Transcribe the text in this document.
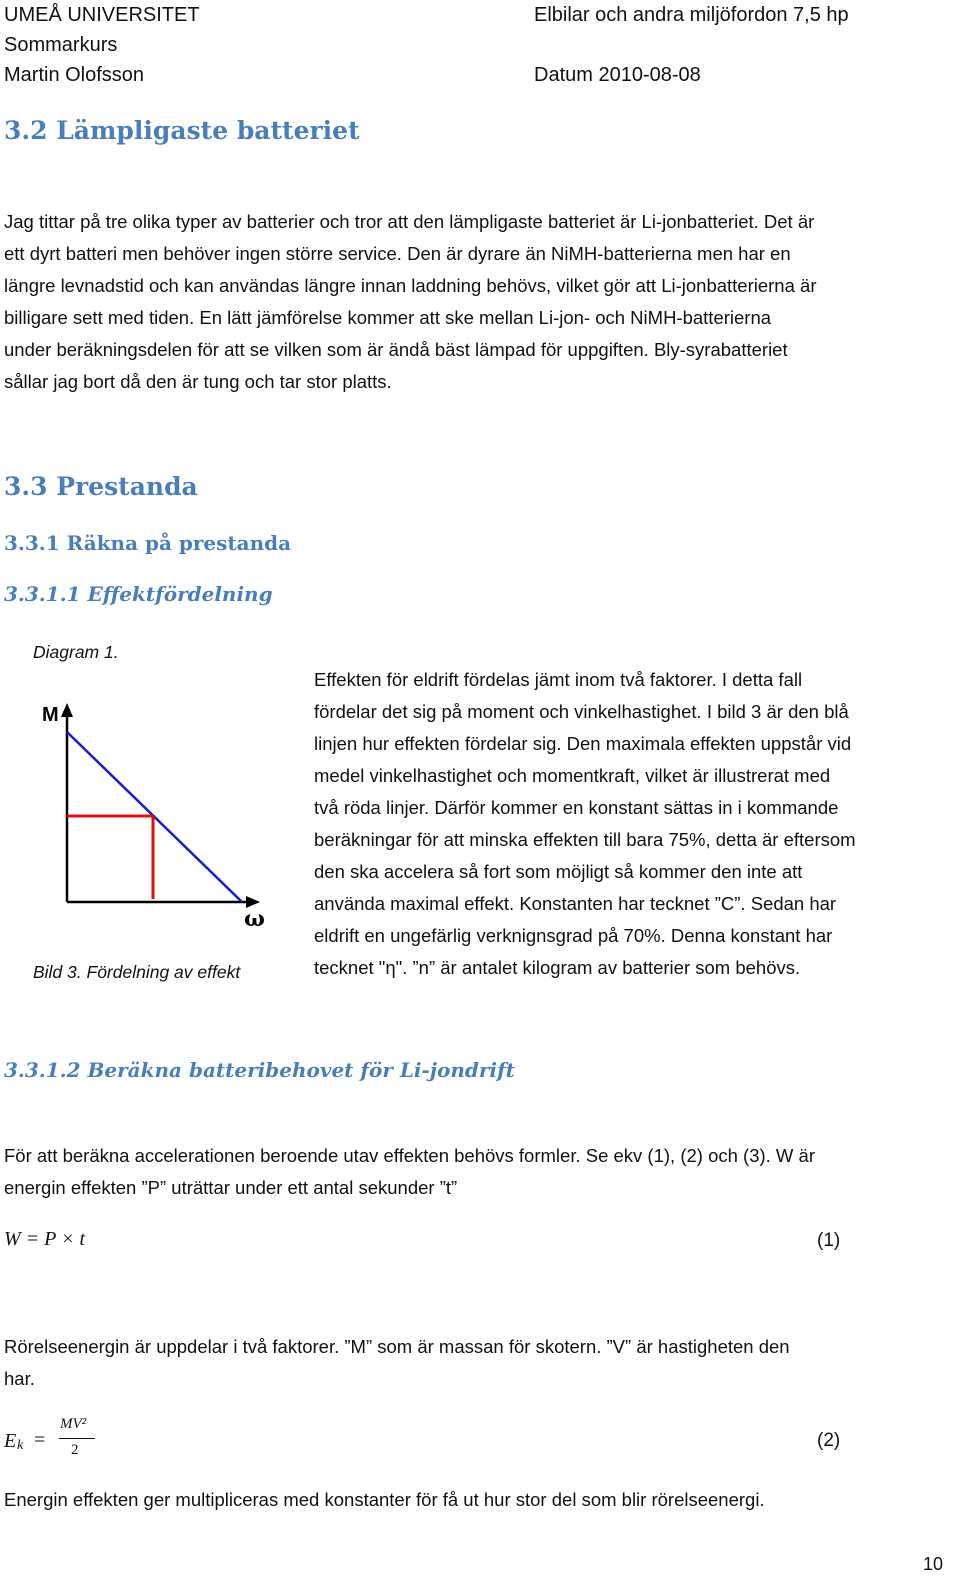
UMEÅ UNIVERSITET	Elbilar och andra miljöfordon 7,5 hp
Sommarkurs
Martin Olofsson	Datum 2010-08-08
3.2 Lämpligaste batteriet
Jag tittar på tre olika typer av batterier och tror att den lämpligaste batteriet är Li-jonbatteriet. Det är
ett dyrt batteri men behöver ingen större service. Den är dyrare än NiMH-batterierna men har en
längre levnadstid och kan användas längre innan laddning behövs, vilket gör att Li-jonbatterierna är
billigare sett med tiden. En lätt jämförelse kommer att ske mellan Li-jon- och NiMH-batterierna
under beräkningsdelen för att se vilken som är ändå bäst lämpad för uppgiften. Bly-syrabatteriet
sållar jag bort då den är tung och tar stor platts.
3.3 Prestanda
3.3.1 Räkna på prestanda
3.3.1.1 Effektfördelning
Diagram 1.
M
ω
Bild 3. Fördelning av effekt
Effekten för eldrift fördelas jämt inom två faktorer. I detta fall
fördelar det sig på moment och vinkelhastighet. I bild 3 är den blå
linjen hur effekten fördelar sig. Den maximala effekten uppstår vid
medel vinkelhastighet och momentkraft, vilket är illustrerat med
två röda linjer. Därför kommer en konstant sättas in i kommande
beräkningar för att minska effekten till bara 75%, detta är eftersom
den ska accelera så fort som möjligt så kommer den inte att
använda maximal effekt. Konstanten har tecknet ”C”. Sedan har
eldrift en ungefärlig verknignsgrad på 70%. Denna konstant har
tecknet "η". ”n” är antalet kilogram av batterier som behövs.
3.3.1.2 Beräkna batteribehovet för Li-jondrift
För att beräkna accelerationen beroende utav effekten behövs formler. Se ekv (1), (2) och (3). W är
energin effekten ”P” uträttar under ett antal sekunder ”t”
W = P × t	(1)
Rörelseenergin är uppdelar i två faktorer. ”M” som är massan för skotern. ”V” är hastigheten den
har.
E k =
MV²
2	(2)
Energin effekten ger multipliceras med konstanter för få ut hur stor del som blir rörelseenergi.
10
